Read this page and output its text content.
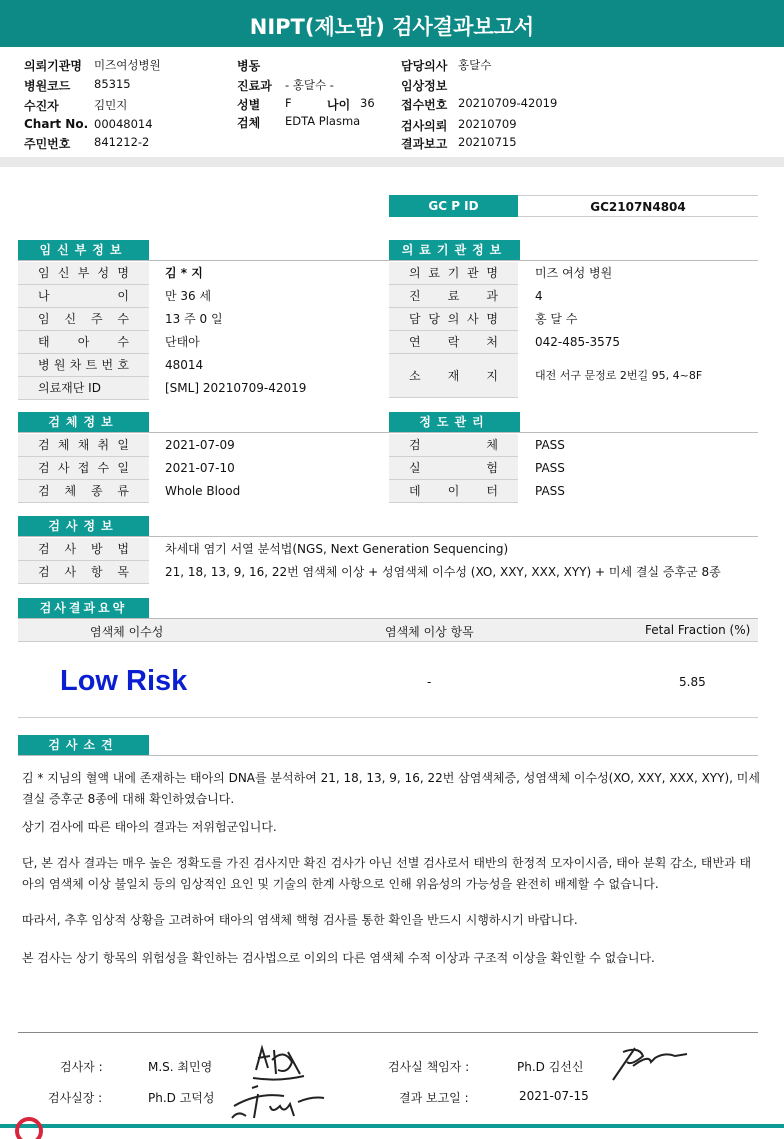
NIPT(제노맘) 검사결과보고서
의뢰기관명 미즈여성병원
병원코드 85315
수진자	김민지
Chart No. 00048014
주민번호 841212-2
병동
진료과 - 홍달수 -
성별 F	나이 36
검체 EDTA Plasma
담당의사 홍달수
임상정보
접수번호 20210709-42019
검사의뢰 20210709
결과보고 20210715
GC P ID	GC2107N4804
임신부정보
임 신 부 성 명	김 * 지
나	이	만 36 세
임 신 주 수	13 주 0 일
태 아 수	단태아
병 원 차 트 번 호	48014
의료재단 ID	[SML] 20210709-42019
의료기관정보
의 료 기 관 명	미즈 여성 병원
진 료 과	4
담 당 의 사 명	홍 달 수
연 락 처	042-485-3575
소 재 지	대전 서구 문정로 2번길 95, 4~8F
검체정보
검 체 채 취 일	2021-07-09
검 사 접 수 일	2021-07-10
검 체 종 류	Whole Blood
정도관리
검	체	PASS
실	험	PASS
데 이 터	PASS
검사정보
검 사 방 법	차세대 염기 서열 분석법(NGS, Next Generation Sequencing)
검 사 항 목	21, 18, 13, 9, 16, 22번 염색체 이상 + 성염색체 이수성 (XO, XXY, XXX, XYY) + 미세 결실 증후군 8종
검사결과요약
염색체 이수성	염색체 이상 항목	Fetal Fraction (%)
Low Risk	-	5.85
검사소견
김 * 지님의 혈액 내에 존재하는 태아의 DNA를 분석하여 21, 18, 13, 9, 16, 22번 삼염색체증, 성염색체 이수성(XO, XXY, XXX, XYY), 미세 결실 증후군 8종에 대해 확인하였습니다.
상기 검사에 따른 태아의 결과는 저위험군입니다.
단, 본 검사 결과는 매우 높은 정확도를 가진 검사지만 확진 검사가 아닌 선별 검사로서 태반의 한정적 모자이시즘, 태아 분획 감소, 태반과 태아의 염색체 이상 불일치 등의 임상적인 요인 및 기술의 한계 사항으로 인해 위음성의 가능성을 완전히 배제할 수 없습니다.
따라서, 추후 임상적 상황을 고려하여 태아의 염색체 핵형 검사를 통한 확인을 반드시 시행하시기 바랍니다.
본 검사는 상기 항목의 위험성을 확인하는 검사법으로 이외의 다른 염색체 수적 이상과 구조적 이상을 확인할 수 없습니다.
검사자 :	M.S. 최민영	검사실 책임자 :	Ph.D 김선신
검사실장 :	Ph.D 고덕성	결과 보고일 :	2021-07-15
